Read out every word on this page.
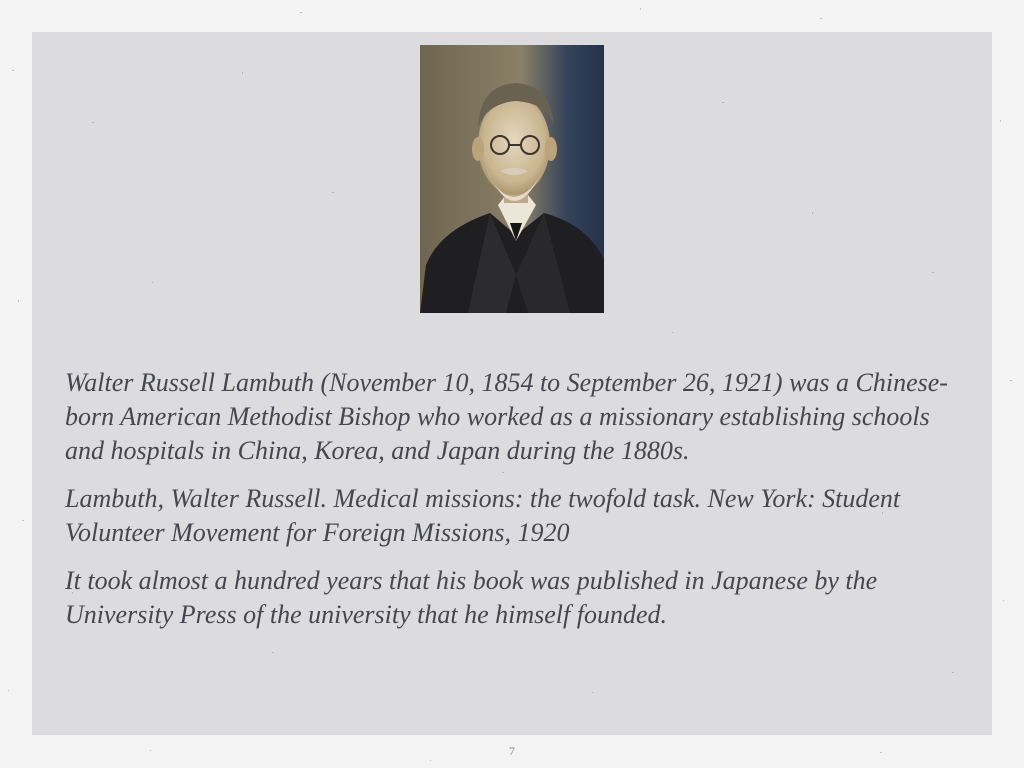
Walter Russell Lambuth (November 10, 1854 to September 26, 1921) was a Chinese-born American Methodist Bishop who worked as a missionary establishing schools and hospitals in China, Korea, and Japan during the 1880s.

Lambuth, Walter Russell. Medical missions: the twofold task. New York: Student Volunteer Movement for Foreign Missions, 1920

It took almost a hundred years that his book was published in Japanese by the University Press of the university that he himself founded.

7
